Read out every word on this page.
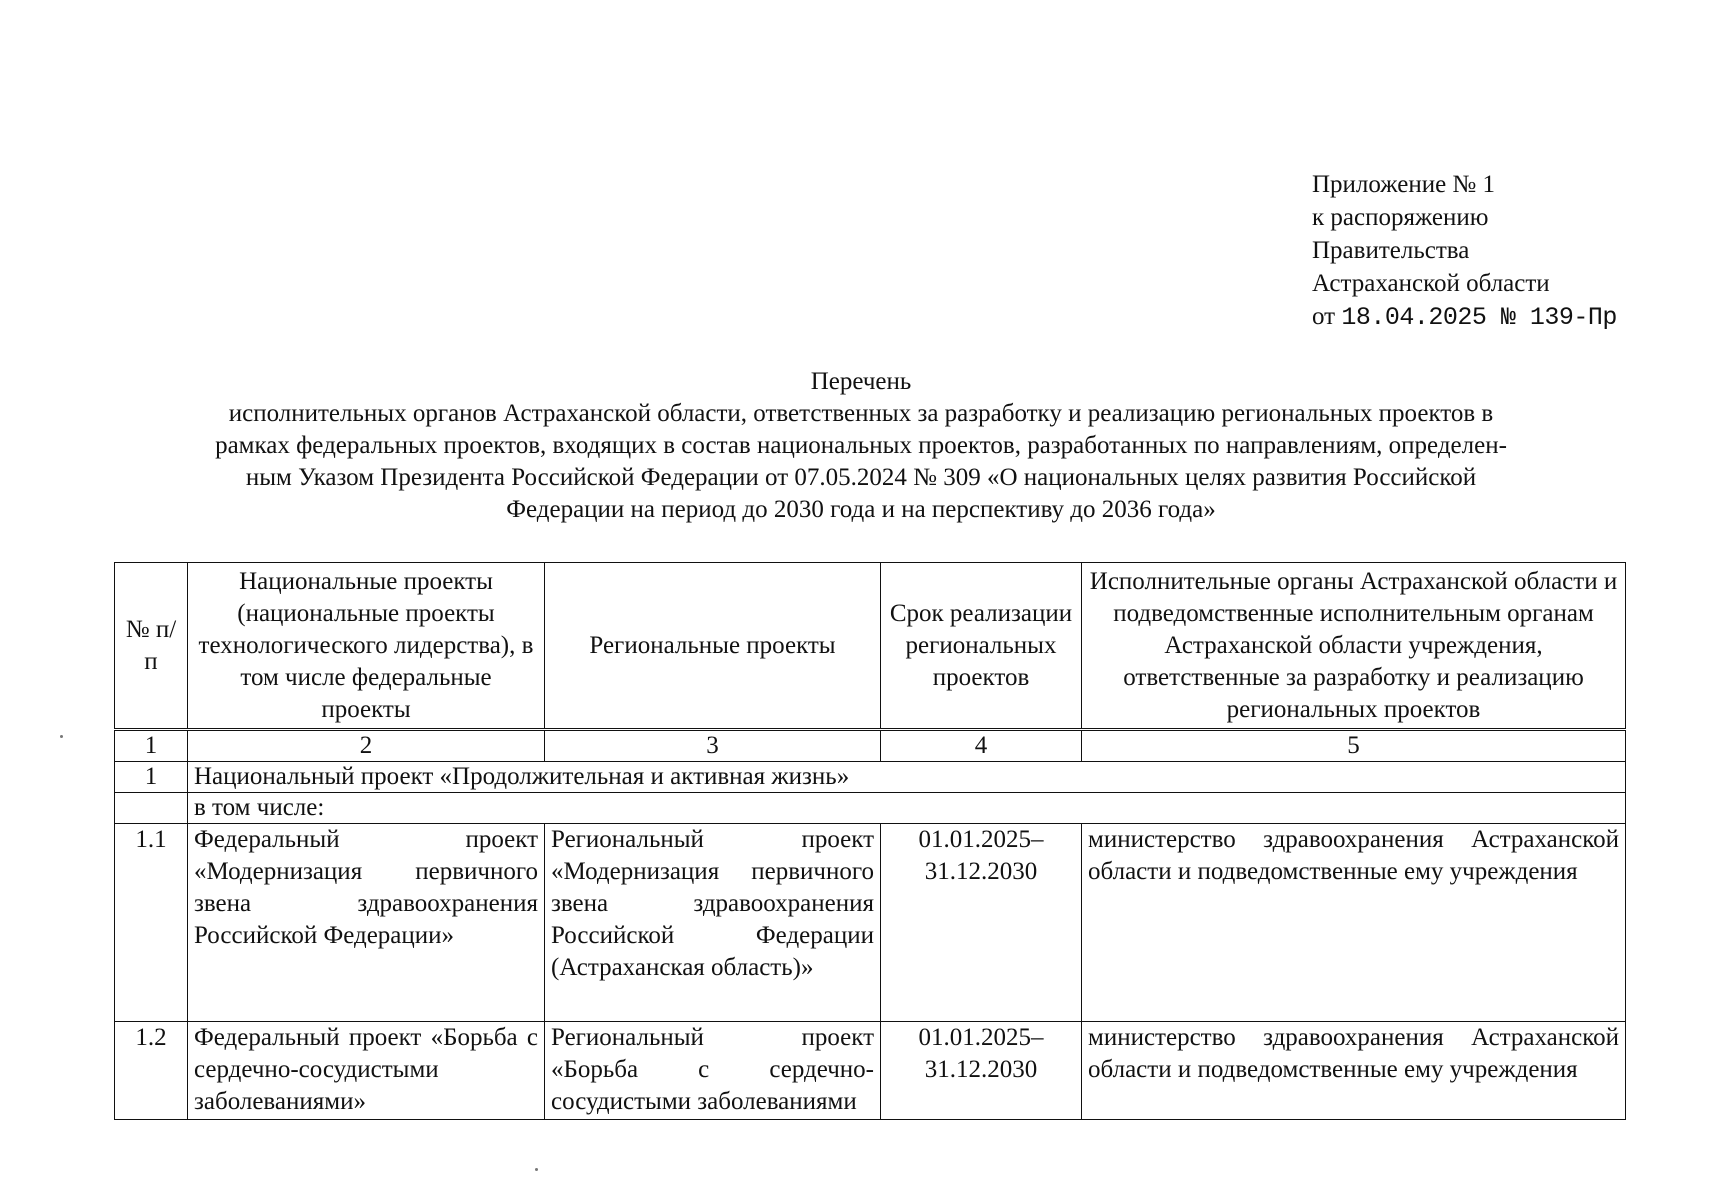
Приложение № 1
к распоряжению
Правительства
Астраханской области
от 18.04.2025 № 139-Пр
Перечень
исполнительных органов Астраханской области, ответственных за разработку и реализацию региональных проектов в
рамках федеральных проектов, входящих в состав национальных проектов, разработанных по направлениям, определен-
ным Указом Президента Российской Федерации от 07.05.2024 № 309 «О национальных целях развития Российской
Федерации на период до 2030 года и на перспективу до 2036 года»
№ п/п	Национальные проекты (национальные проекты технологического лидерства), в том числе федеральные проекты	Региональные проекты	Срок реализации региональных проектов	Исполнительные органы Астраханской области и подведомственные исполнительным органам Астраханской области учреждения, ответственные за разработку и реализацию региональных проектов
1	2	3	4	5
1	Национальный проект «Продолжительная и активная жизнь»			
	в том числе:			
1.1	Федеральный проект «Модернизация первичного звена здравоохранения Российской Федерации»	Региональный проект «Модернизация первичного звена здравоохранения Российской Федерации (Астраханская область)»	01.01.2025–31.12.2030	министерство здравоохранения Астраханской области и подведомственные ему учреждения
1.2	Федеральный проект «Борьба с сердечно-сосудистыми заболеваниями»	Региональный проект «Борьба с сердечно-сосудистыми заболеваниями	01.01.2025–31.12.2030	министерство здравоохранения Астраханской области и подведомственные ему учреждения
